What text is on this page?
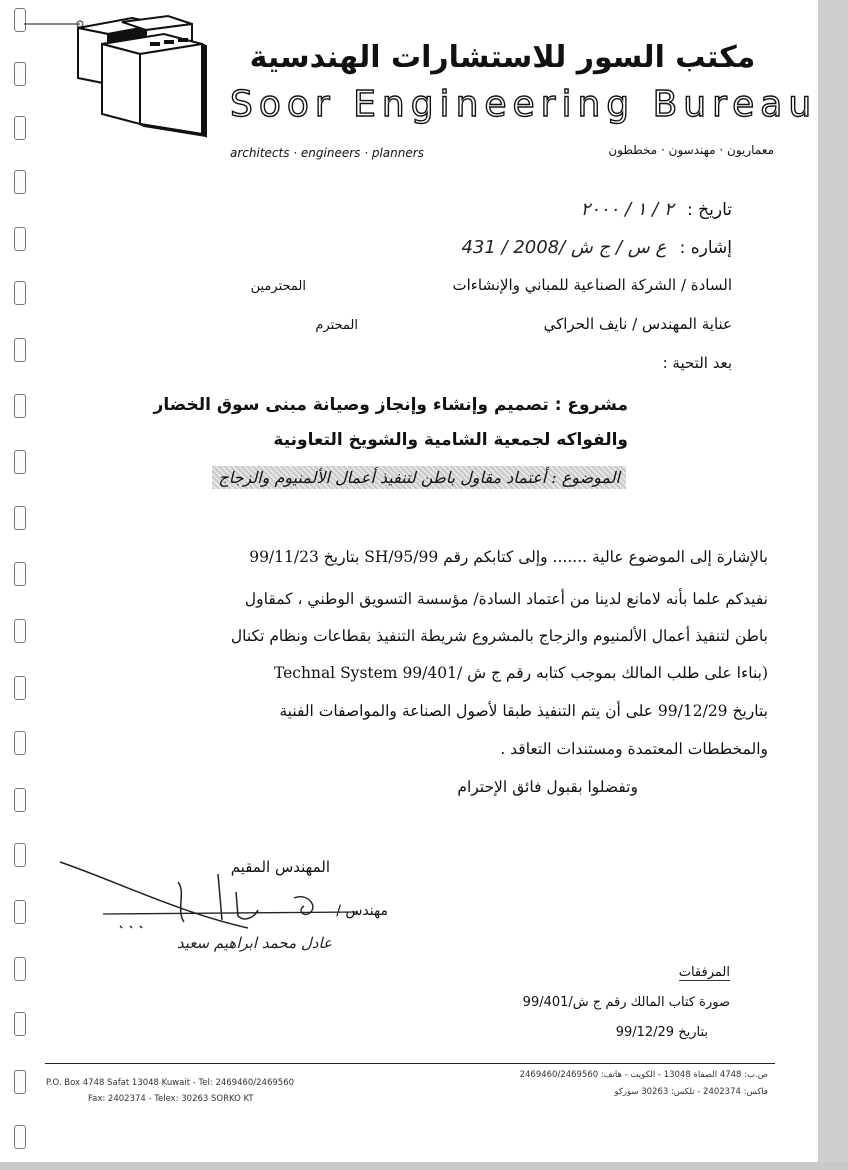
مكتب السور للاستشارات الهندسية
Soor Engineering Bureau
architects · engineers · planners	معماريون · مهندسون · مخططون
تاريخ : ٢ / ١ / ٢٠٠٠
إشاره : ع س / ج ش /2008 / 431
السادة / الشركة الصناعية للمباني والإنشاءات
المحترمين
عناية المهندس / نايف الحراكي
المحترم
بعد التحية :
مشروع : تصميم وإنشاء وإنجاز وصيانة مبنى سوق الخضار
والفواكه لجمعية الشامية والشويخ التعاونية
الموضوع : أعتماد مقاول باطن لتنفيذ أعمال الألمنيوم والزجاج
بالإشارة إلى الموضوع عالية ....... وإلى كتابكم رقم SH/95/99 بتاريخ 99/11/23
نفيدكم علما بأنه لامانع لدينا من أعتماد السادة/ مؤسسة التسويق الوطني ، كمقاول
باطن لتنفيذ أعمال الألمنيوم والزجاج بالمشروع شريطة التنفيذ بقطاعات ونظام تكنال
(بناءا على طلب المالك بموجب كتابه رقم ج ش /99/401 Technal System
بتاريخ 99/12/29 على أن يتم التنفيذ طبقا لأصول الصناعة والمواصفات الفنية
والمخططات المعتمدة ومستندات التعاقد .
وتفضلوا بقبول فائق الإحترام
المهندس المقيم
مهندس /
عادل محمد ابراهيم سعيد
المرفقات
صورة كتاب المالك رقم ج ش/99/401
بتاريخ 99/12/29
P.O. Box 4748 Safat 13048 Kuwait - Tel: 2469460/2469560
Fax: 2402374 - Telex: 30263 SORKO KT
ص.ب: 4748 الصفاة 13048 - الكويت - هاتف: 2469460/2469560
فاكس: 2402374 - تلكس: 30263 سوركو
